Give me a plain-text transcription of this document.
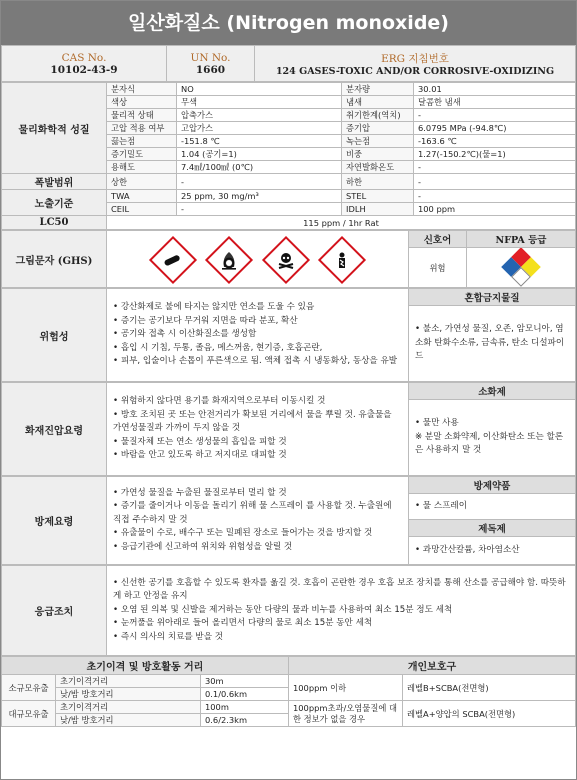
일산화질소 (Nitrogen monoxide)
CAS No.
10102-43-9

UN No.
1660

ERG 지침번호
124 GASES-TOXIC AND/OR CORROSIVE-OXIDIZING
물리화학적 성질	분자식	NO	분자량	30.01
	색상	무색	냄새	달콤한 냄새
	물리적 상태	압축가스	취기한계(역치)	-
	고압 적용 여부	고압가스	증기압	6.0795 MPa (-94.8℃)
	끓는점	-151.8 ℃	녹는점	-163.6 ℃
	증기밀도	1.04 (공기=1)	비중	1.27(-150.2℃)(물=1)
	용해도	7.4㎖/100㎖ (0℃)	자연발화온도	-
폭발범위	상한	-	하한	-
노출기준	TWA	25 ppm, 30 mg/m³	STEL	-
	CEIL	-	IDLH	100 ppm
LC50	115 ppm / 1hr Rat			
그림문자 (GHS)		신호어	NFPA 등급
		위험	
위험성	
• 강산화제로 불에 타지는 않지만 연소를 도울 수 있음
• 증기는 공기보다 무거워 지면을 따라 분포, 확산
• 공기와 접촉 시 이산화질소를 생성함
• 흡입 시 기침, 두통, 졸음, 메스꺼움, 현기증, 호흡곤란,
• 피부, 입술이나 손톱이 푸른색으로 됨. 액체 접촉 시 냉동화상, 동상을 유발
	혼합금지물질
• 불소, 가연성 물질, 오존, 암모니아, 염소화 탄화수소류, 금속류, 탄소 디설파이드
화재진압요령	
• 위험하지 않다면 용기를 화재지역으로부터 이동시킬 것
• 방호 조치된 곳 또는 안전거리가 확보된 거리에서 물을 뿌릴 것. 유출물을 가연성물질과 가까이 두지 않을 것
• 물질자체 또는 연소 생성물의 흡입을 피할 것
• 바람을 안고 있도록 하고 저지대로 대피할 것
	소화제

• 물만 사용
※ 분말 소화약제, 이산화탄소 또는 할론은 사용하지 말 것
방제요령	
• 가연성 물질을 누출된 물질로부터 멀리 할 것
• 증기를 줄이거나 이동을 돌리기 위해 물 스프레이 를 사용할 것. 누출원에 직접 주수하지 말 것
• 유출물이 수로, 배수구 또는 밀폐된 장소로 들어가는 것을 방지할 것
• 응급기관에 신고하여 위치와 위험성을 알릴 것
	방제약품
• 물 스프레이
제독제
• 과망간산칼륨, 차아염소산
응급조치	
• 신선한 공기를 호흡할 수 있도록 환자를 옮길 것. 호흡이 곤란한 경우 호흡 보조 장치를 통해 산소를 공급해야 함. 따뜻하게 하고 안정을 유지
• 오염 된 의복 및 신발을 제거하는 동안 다량의 물과 비누를 사용하여 최소 15분 정도 세척
• 눈꺼풀을 위아래로 들어 올리면서 다량의 물로 최소 15분 동안 세척
• 즉시 의사의 치료를 받을 것
초기이격 및 방호활동 거리			개인보호구	
소규모유출	초기이격거리	30m	100ppm 이하	레벨B+SCBA(전면형)
	낮/밤 방호거리	0.1/0.6km		
대규모유출	초기이격거리	100m	100ppm초과/오염물질에 대한 정보가 없을 경우	레벨A+양압의 SCBA(전면형)
	낮/밤 방호거리	0.6/2.3km		
